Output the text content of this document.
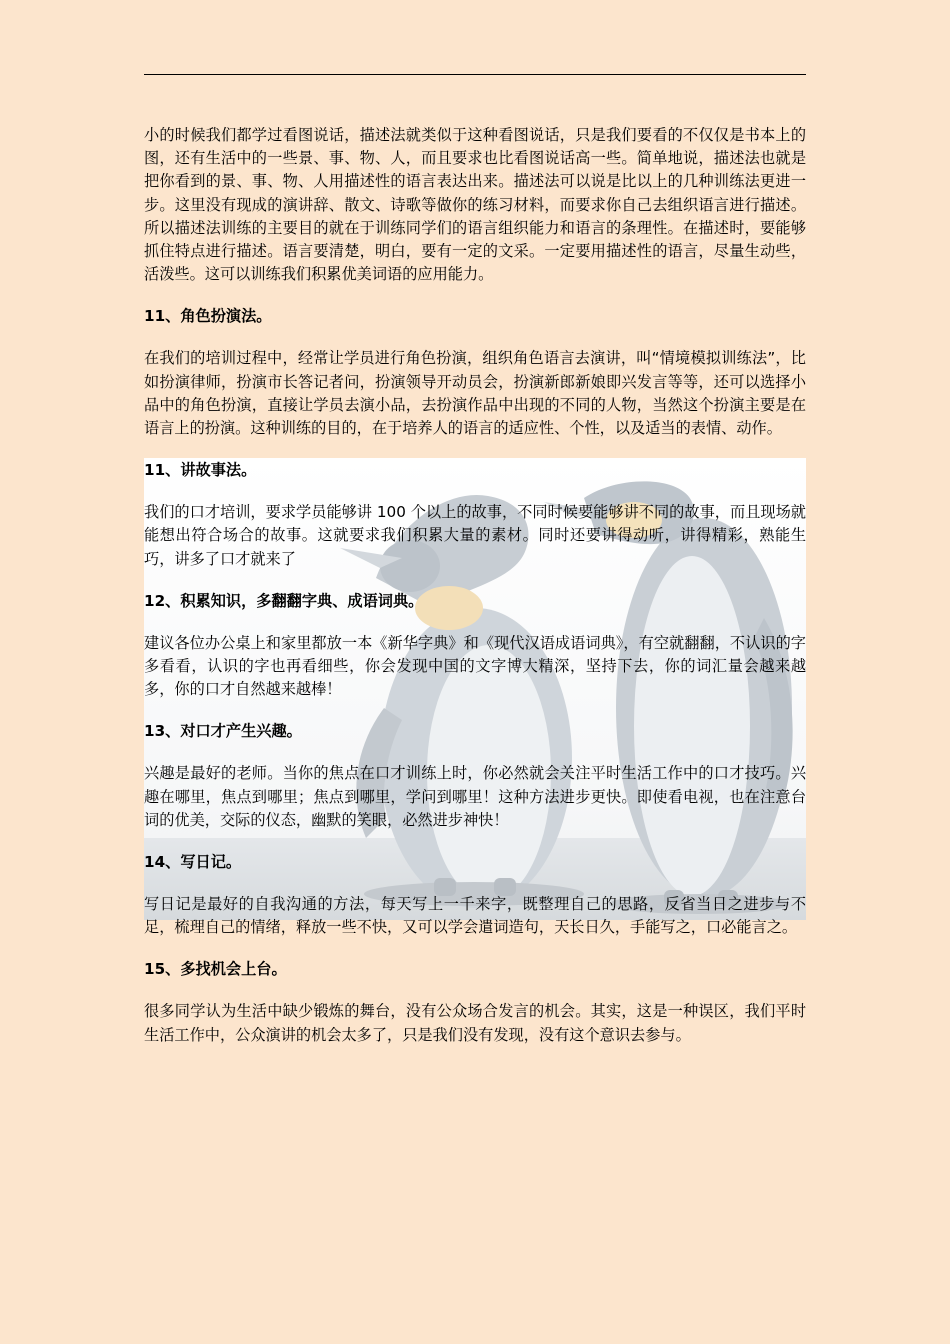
小的时候我们都学过看图说话，描述法就类似于这种看图说话，只是我们要看的不仅仅是书本上的图，还有生活中的一些景、事、物、人，而且要求也比看图说话高一些。简单地说，描述法也就是把你看到的景、事、物、人用描述性的语言表达出来。描述法可以说是比以上的几种训练法更进一步。这里没有现成的演讲辞、散文、诗歌等做你的练习材料，而要求你自己去组织语言进行描述。所以描述法训练的主要目的就在于训练同学们的语言组织能力和语言的条理性。在描述时，要能够抓住特点进行描述。语言要清楚，明白，要有一定的文采。一定要用描述性的语言，尽量生动些，活泼些。这可以训练我们积累优美词语的应用能力。

11、角色扮演法。

在我们的培训过程中，经常让学员进行角色扮演，组织角色语言去演讲，叫“情境模拟训练法”，比如扮演律师，扮演市长答记者问，扮演领导开动员会，扮演新郎新娘即兴发言等等，还可以选择小品中的角色扮演，直接让学员去演小品，去扮演作品中出现的不同的人物，当然这个扮演主要是在语言上的扮演。这种训练的目的，在于培养人的语言的适应性、个性，以及适当的表情、动作。

11、讲故事法。

我们的口才培训，要求学员能够讲 100 个以上的故事，不同时候要能够讲不同的故事，而且现场就能想出符合场合的故事。这就要求我们积累大量的素材。同时还要讲得动听，讲得精彩，熟能生巧，讲多了口才就来了

12、积累知识，多翻翻字典、成语词典。

建议各位办公桌上和家里都放一本《新华字典》和《现代汉语成语词典》，有空就翻翻，不认识的字多看看，认识的字也再看细些，你会发现中国的文字博大精深，坚持下去，你的词汇量会越来越多，你的口才自然越来越棒！

13、对口才产生兴趣。

兴趣是最好的老师。当你的焦点在口才训练上时，你必然就会关注平时生活工作中的口才技巧。兴趣在哪里，焦点到哪里；焦点到哪里，学问到哪里！这种方法进步更快。即使看电视，也在注意台词的优美，交际的仪态，幽默的笑眼，必然进步神快！

14、写日记。

写日记是最好的自我沟通的方法，每天写上一千来字，既整理自己的思路，反省当日之进步与不足，梳理自己的情绪，释放一些不快，又可以学会遣词造句，天长日久，手能写之，口必能言之。

15、多找机会上台。

很多同学认为生活中缺少锻炼的舞台，没有公众场合发言的机会。其实，这是一种误区，我们平时生活工作中，公众演讲的机会太多了，只是我们没有发现，没有这个意识去参与。
